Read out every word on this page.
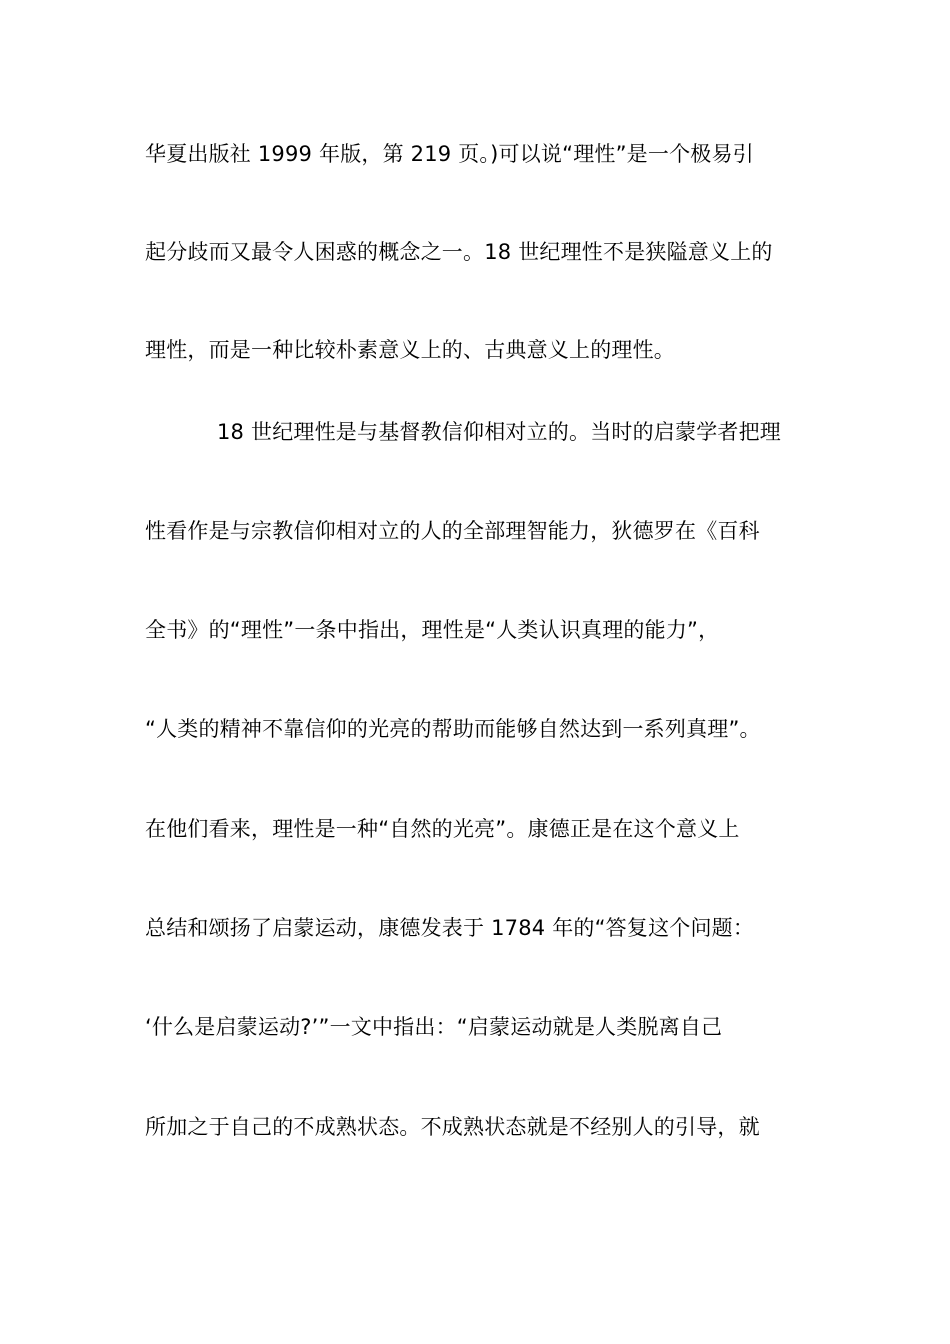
华夏出版社 1999 年版，第 219 页。)可以说“理性”是一个极易引
起分歧而又最令人困惑的概念之一。18 世纪理性不是狭隘意义上的
理性，而是一种比较朴素意义上的、古典意义上的理性。
18 世纪理性是与基督教信仰相对立的。当时的启蒙学者把理
性看作是与宗教信仰相对立的人的全部理智能力，狄德罗在《百科
全书》的“理性”一条中指出，理性是“人类认识真理的能力”，
“人类的精神不靠信仰的光亮的帮助而能够自然达到一系列真理”。
在他们看来，理性是一种“自然的光亮”。康德正是在这个意义上
总结和颂扬了启蒙运动，康德发表于 1784 年的“答复这个问题：
‘什么是启蒙运动?’”一文中指出：“启蒙运动就是人类脱离自己
所加之于自己的不成熟状态。不成熟状态就是不经别人的引导，就
